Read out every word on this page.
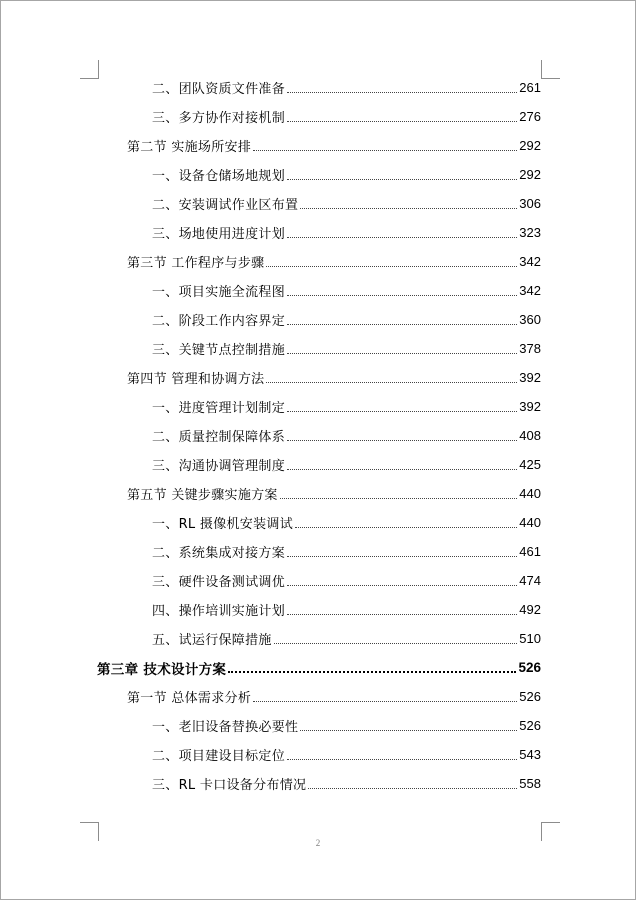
二、团队资质文件准备	261
三、多方协作对接机制	276
第二节 实施场所安排	292
一、设备仓储场地规划	292
二、安装调试作业区布置	306
三、场地使用进度计划	323
第三节 工作程序与步骤	342
一、项目实施全流程图	342
二、阶段工作内容界定	360
三、关键节点控制措施	378
第四节 管理和协调方法	392
一、进度管理计划制定	392
二、质量控制保障体系	408
三、沟通协调管理制度	425
第五节 关键步骤实施方案	440
一、RL 摄像机安装调试	440
二、系统集成对接方案	461
三、硬件设备测试调优	474
四、操作培训实施计划	492
五、试运行保障措施	510
第三章 技术设计方案	526
第一节 总体需求分析	526
一、老旧设备替换必要性	526
二、项目建设目标定位	543
三、RL 卡口设备分布情况	558
2
